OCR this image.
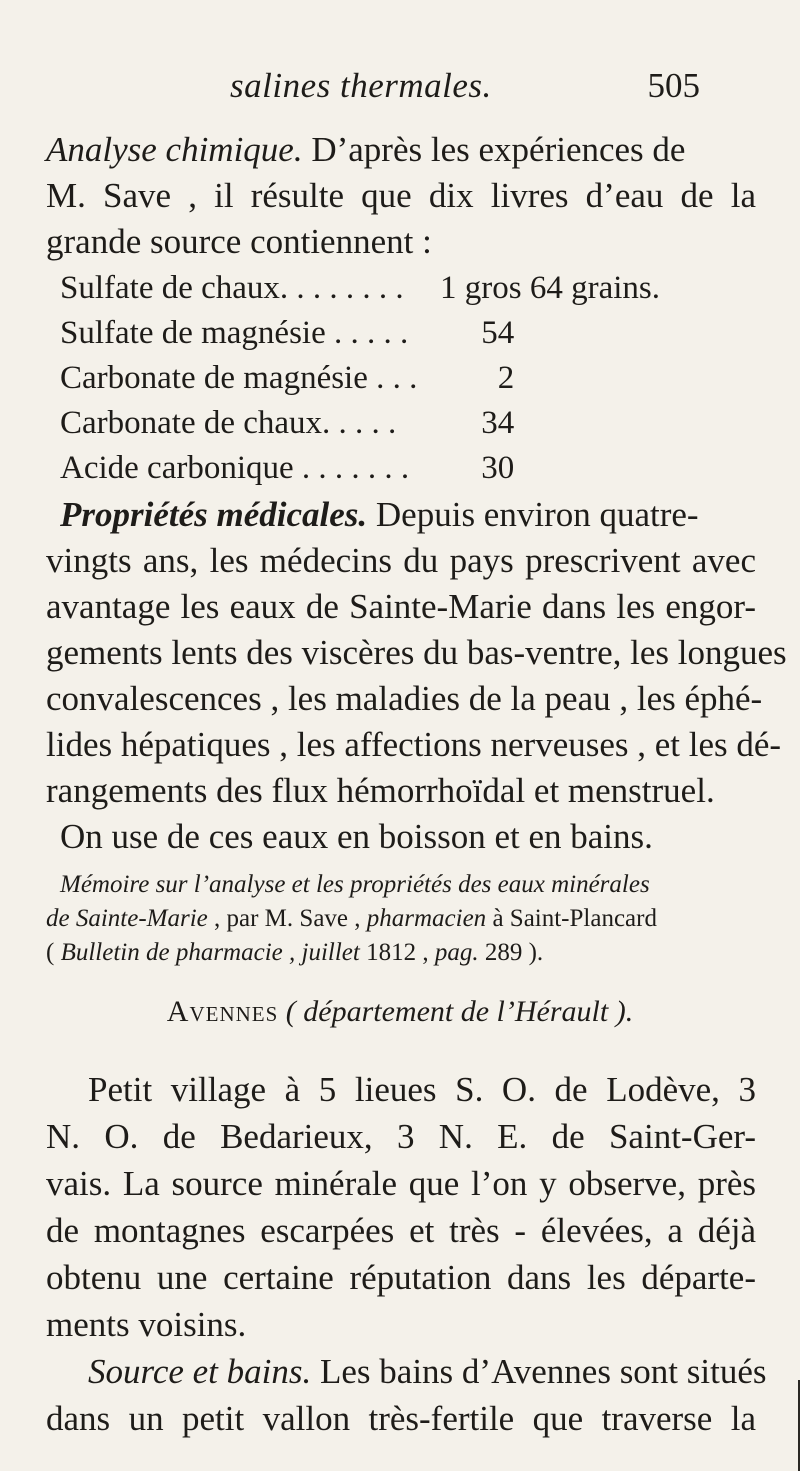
salines thermales.	505
Analyse chimique. D’après les expériences de
M. Save , il résulte que dix livres d’eau de la
grande source contiennent :
Sulfate de chaux. . . . . . . . 1 gros 64 grains.
Sulfate de magnésie . . . . . 54
Carbonate de magnésie . . . 2
Carbonate de chaux. . . . . 34
Acide carbonique . . . . . . . 30
Propriétés médicales. Depuis environ quatre-
vingts ans, les médecins du pays prescrivent avec
avantage les eaux de Sainte-Marie dans les engor-
gements lents des viscères du bas-ventre, les longues
convalescences , les maladies de la peau , les éphé-
lides hépatiques , les affections nerveuses , et les dé-
rangements des flux hémorrhoïdal et menstruel.
On use de ces eaux en boisson et en bains.
Mémoire sur l’analyse et les propriétés des eaux minérales
de Sainte-Marie , par M. Save , pharmacien à Saint-Plancard
( Bulletin de pharmacie , juillet 1812 , pag. 289 ).
Avennes ( département de l’Hérault ).
Petit village à 5 lieues S. O. de Lodève, 3
N. O. de Bedarieux, 3 N. E. de Saint-Ger-
vais. La source minérale que l’on y observe, près
de montagnes escarpées et très - élevées, a déjà
obtenu une certaine réputation dans les départe-
ments voisins.
Source et bains. Les bains d’Avennes sont situés
dans un petit vallon très-fertile que traverse la
